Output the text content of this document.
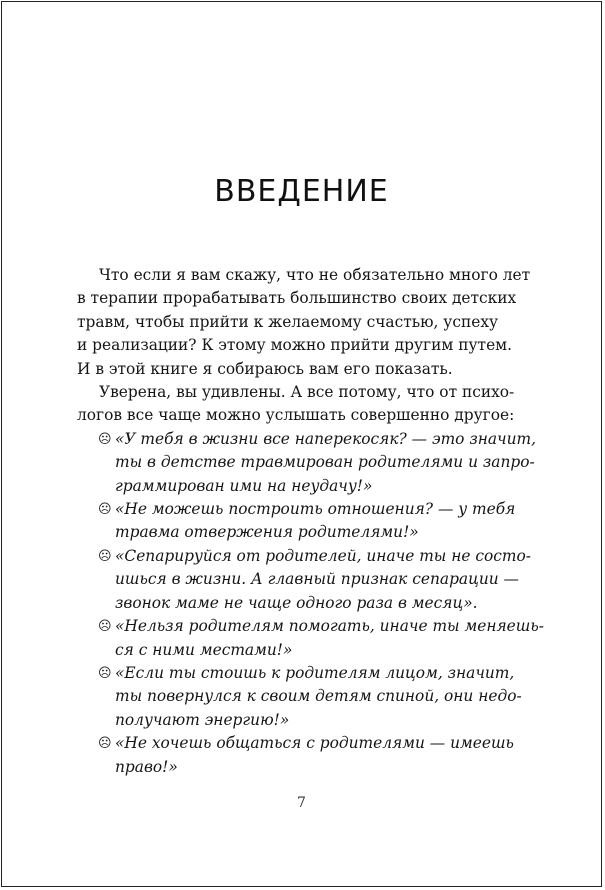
ВВЕДЕНИЕ
Что если я вам скажу, что не обязательно много лет
в терапии прорабатывать большинство своих детских
травм, чтобы прийти к желаемому счастью, успеху
и реализации? К этому можно прийти другим путем.
И в этой книге я собираюсь вам его показать.
Уверена, вы удивлены. А все потому, что от психо-
логов все чаще можно услышать совершенно другое:
☹ «У тебя в жизни все наперекосяк? — это значит,
ты в детстве травмирован родителями и запро-
граммирован ими на неудачу!»
☹ «Не можешь построить отношения? — у тебя
травма отвержения родителями!»
☹ «Сепарируйся от родителей, иначе ты не состо-
ишься в жизни. А главный признак сепарации —
звонок маме не чаще одного раза в месяц».
☹ «Нельзя родителям помогать, иначе ты меняешь-
ся с ними местами!»
☹ «Если ты стоишь к родителям лицом, значит,
ты повернулся к своим детям спиной, они недо-
получают энергию!»
☹ «Не хочешь общаться с родителями — имеешь
право!»
7
